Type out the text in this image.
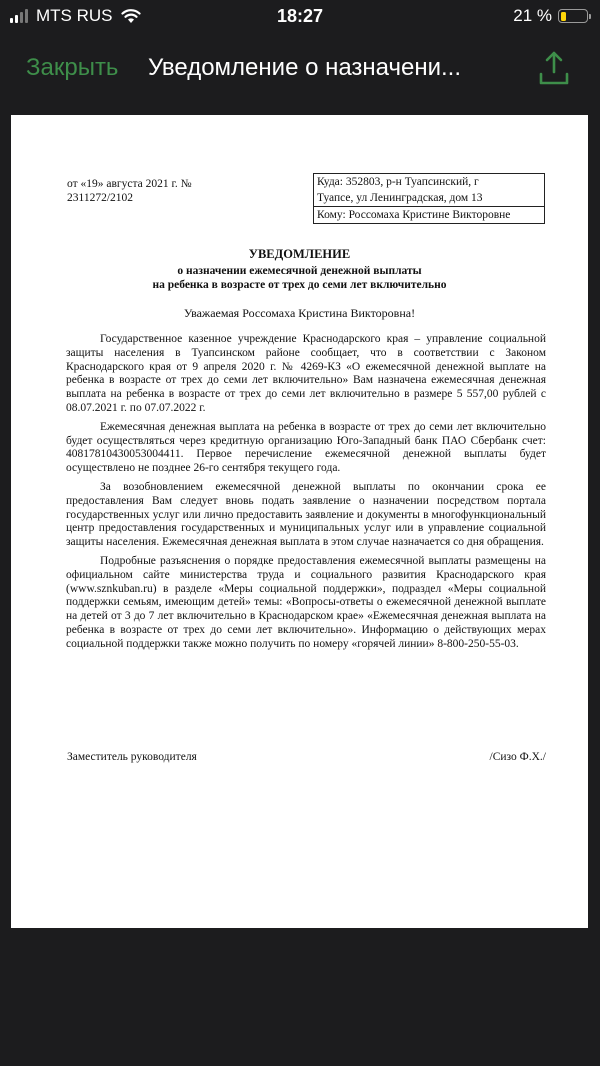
MTS RUS	18:27	21 %
Закрыть Уведомление о назначени...
от «19» августа 2021 г. №
2311272/2102
Куда: 352803, р-н Туапсинский, г
Туапсе, ул Ленинградская, дом 13
Кому: Россомаха Кристине Викторовне
УВЕДОМЛЕНИЕ
о назначении ежемесячной денежной выплаты
на ребенка в возрасте от трех до семи лет включительно
Уважаемая Россомаха Кристина Викторовна!

Государственное казенное учреждение Краснодарского края – управление социальной защиты населения в Туапсинском районе сообщает, что в соответствии с Законом Краснодарского края от 9 апреля 2020 г. № 4269-КЗ «О ежемесячной денежной выплате на ребенка в возрасте от трех до семи лет включительно» Вам назначена ежемесячная денежная выплата на ребенка в возрасте от трех до семи лет включительно в размере 5 557,00 рублей с 08.07.2021 г. по 07.07.2022 г.

Ежемесячная денежная выплата на ребенка в возрасте от трех до семи лет включительно будет осуществляться через кредитную организацию Юго-Западный банк ПАО Сбербанк счет: 40817810430053004411. Первое перечисление ежемесячной денежной выплаты будет осуществлено не позднее 26-го сентября текущего года.

За возобновлением ежемесячной денежной выплаты по окончании срока ее предоставления Вам следует вновь подать заявление о назначении посредством портала государственных услуг или лично предоставить заявление и документы в многофункциональный центр предоставления государственных и муниципальных услуг или в управление социальной защиты населения. Ежемесячная денежная выплата в этом случае назначается со дня обращения.

Подробные разъяснения о порядке предоставления ежемесячной выплаты размещены на официальном сайте министерства труда и социального развития Краснодарского края (www.sznkuban.ru) в разделе «Меры социальной поддержки», подраздел «Меры социальной поддержки семьям, имеющим детей» темы: «Вопросы-ответы о ежемесячной денежной выплате на детей от 3 до 7 лет включительно в Краснодарском крае» «Ежемесячная денежная выплата на ребенка в возрасте от трех до семи лет включительно». Информацию о действующих мерах социальной поддержки также можно получить по номеру «горячей линии» 8-800-250-55-03.

Заместитель руководителя	/Сизо Ф.Х./
